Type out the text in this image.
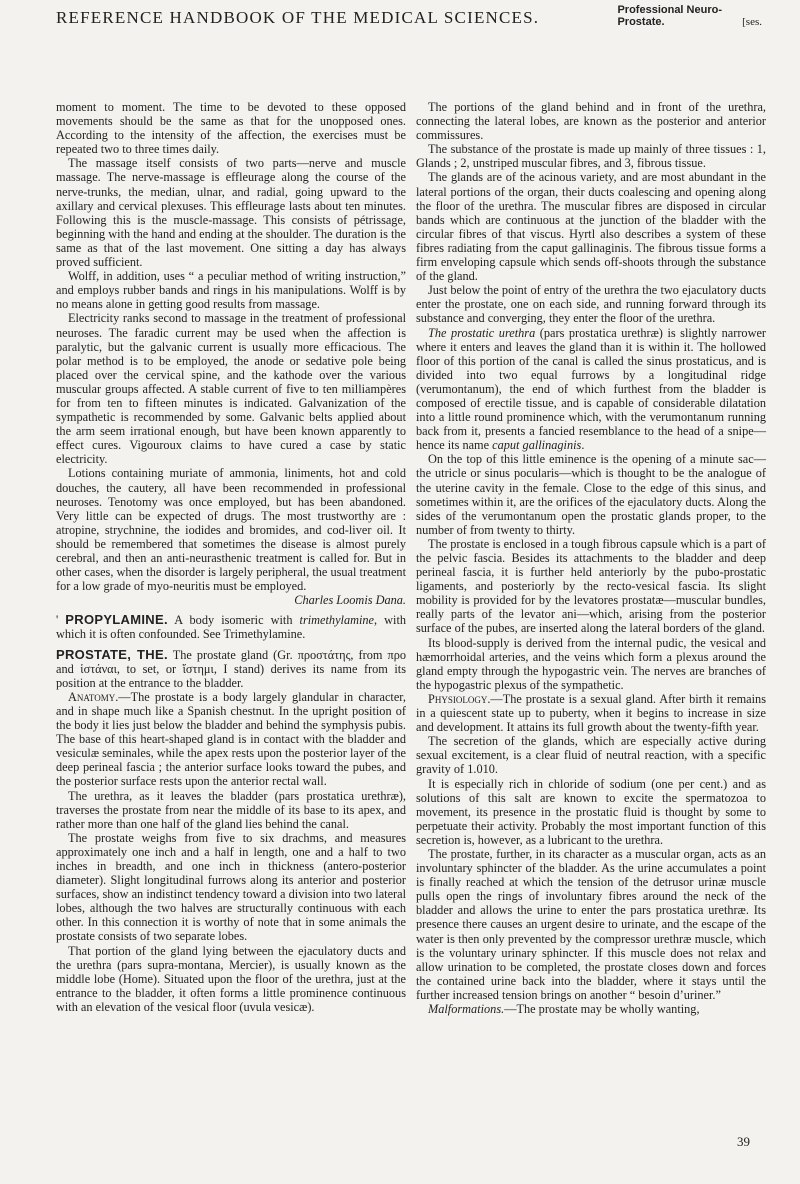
REFERENCE HANDBOOK OF THE MEDICAL SCIENCES.	Professional Neuro-
Prostate.	[ses.

moment to moment. The time to be devoted to these opposed movements should be the same as that for the unopposed ones. According to the intensity of the affection, the exercises must be repeated two to three times daily.

The massage itself consists of two parts—nerve and muscle massage. The nerve-massage is effleurage along the course of the nerve-trunks, the median, ulnar, and radial, going upward to the axillary and cervical plexuses. This effleurage lasts about ten minutes. Following this is the muscle-massage. This consists of pétrissage, beginning with the hand and ending at the shoulder. The duration is the same as that of the last movement. One sitting a day has always proved sufficient.

Wolff, in addition, uses “ a peculiar method of writing instruction,” and employs rubber bands and rings in his manipulations. Wolff is by no means alone in getting good results from massage.

Electricity ranks second to massage in the treatment of professional neuroses. The faradic current may be used when the affection is paralytic, but the galvanic current is usually more efficacious. The polar method is to be employed, the anode or sedative pole being placed over the cervical spine, and the kathode over the various muscular groups affected. A stable current of five to ten milliampères for from ten to fifteen minutes is indicated. Galvanization of the sympathetic is recommended by some. Galvanic belts applied about the arm seem irrational enough, but have been known apparently to effect cures. Vigouroux claims to have cured a case by static electricity.

Lotions containing muriate of ammonia, liniments, hot and cold douches, the cautery, all have been recommended in professional neuroses. Tenotomy was once employed, but has been abandoned. Very little can be expected of drugs. The most trustworthy are : atropine, strychnine, the iodides and bromides, and cod-liver oil. It should be remembered that sometimes the disease is almost purely cerebral, and then an anti-neurasthenic treatment is called for. But in other cases, when the disorder is largely peripheral, the usual treatment for a low grade of myo-neuritis must be employed.

Charles Loomis Dana.

' PROPYLAMINE. A body isomeric with trimethylamine, with which it is often confounded. See Trimethylamine.

PROSTATE, THE. The prostate gland (Gr. προστάτης, from προ and ἱστάναι, to set, or ἵστημι, I stand) derives its name from its position at the entrance to the bladder.

Anatomy.—The prostate is a body largely glandular in character, and in shape much like a Spanish chestnut. In the upright position of the body it lies just below the bladder and behind the symphysis pubis. The base of this heart-shaped gland is in contact with the bladder and vesiculæ seminales, while the apex rests upon the posterior layer of the deep perineal fascia ; the anterior surface looks toward the pubes, and the posterior surface rests upon the anterior rectal wall.

The urethra, as it leaves the bladder (pars prostatica urethræ), traverses the prostate from near the middle of its base to its apex, and rather more than one half of the gland lies behind the canal.

The prostate weighs from five to six drachms, and measures approximately one inch and a half in length, one and a half to two inches in breadth, and one inch in thickness (antero-posterior diameter). Slight longitudinal furrows along its anterior and posterior surfaces, show an indistinct tendency toward a division into two lateral lobes, although the two halves are structurally continuous with each other. In this connection it is worthy of note that in some animals the prostate consists of two separate lobes.

That portion of the gland lying between the ejaculatory ducts and the urethra (pars supra-montana, Mercier), is usually known as the middle lobe (Home). Situated upon the floor of the urethra, just at the entrance to the bladder, it often forms a little prominence continuous with an elevation of the vesical floor (uvula vesicæ).

The portions of the gland behind and in front of the urethra, connecting the lateral lobes, are known as the posterior and anterior commissures.

The substance of the prostate is made up mainly of three tissues : 1, Glands ; 2, unstriped muscular fibres, and 3, fibrous tissue.

The glands are of the acinous variety, and are most abundant in the lateral portions of the organ, their ducts coalescing and opening along the floor of the urethra. The muscular fibres are disposed in circular bands which are continuous at the junction of the bladder with the circular fibres of that viscus. Hyrtl also describes a system of these fibres radiating from the caput gallinaginis. The fibrous tissue forms a firm enveloping capsule which sends off-shoots through the substance of the gland.

Just below the point of entry of the urethra the two ejaculatory ducts enter the prostate, one on each side, and running forward through its substance and converging, they enter the floor of the urethra.

The prostatic urethra (pars prostatica urethræ) is slightly narrower where it enters and leaves the gland than it is within it. The hollowed floor of this portion of the canal is called the sinus prostaticus, and is divided into two equal furrows by a longitudinal ridge (verumontanum), the end of which furthest from the bladder is composed of erectile tissue, and is capable of considerable dilatation into a little round prominence which, with the verumontanum running back from it, presents a fancied resemblance to the head of a snipe—hence its name caput gallinaginis.

On the top of this little eminence is the opening of a minute sac—the utricle or sinus pocularis—which is thought to be the analogue of the uterine cavity in the female. Close to the edge of this sinus, and sometimes within it, are the orifices of the ejaculatory ducts. Along the sides of the verumontanum open the prostatic glands proper, to the number of from twenty to thirty.

The prostate is enclosed in a tough fibrous capsule which is a part of the pelvic fascia. Besides its attachments to the bladder and deep perineal fascia, it is further held anteriorly by the pubo-prostatic ligaments, and posteriorly by the recto-vesical fascia. Its slight mobility is provided for by the levatores prostatæ—muscular bundles, really parts of the levator ani—which, arising from the posterior surface of the pubes, are inserted along the lateral borders of the gland.

Its blood-supply is derived from the internal pudic, the vesical and hæmorrhoidal arteries, and the veins which form a plexus around the gland empty through the hypogastric vein. The nerves are branches of the hypogastric plexus of the sympathetic.

Physiology.—The prostate is a sexual gland. After birth it remains in a quiescent state up to puberty, when it begins to increase in size and development. It attains its full growth about the twenty-fifth year.

The secretion of the glands, which are especially active during sexual excitement, is a clear fluid of neutral reaction, with a specific gravity of 1.010.

It is especially rich in chloride of sodium (one per cent.) and as solutions of this salt are known to excite the spermatozoa to movement, its presence in the prostatic fluid is thought by some to perpetuate their activity. Probably the most important function of this secretion is, however, as a lubricant to the urethra.

The prostate, further, in its character as a muscular organ, acts as an involuntary sphincter of the bladder. As the urine accumulates a point is finally reached at which the tension of the detrusor urinæ muscle pulls open the rings of involuntary fibres around the neck of the bladder and allows the urine to enter the pars prostatica urethræ. Its presence there causes an urgent desire to urinate, and the escape of the water is then only prevented by the compressor urethræ muscle, which is the voluntary urinary sphincter. If this muscle does not relax and allow urination to be completed, the prostate closes down and forces the contained urine back into the bladder, where it stays until the further increased tension brings on another “ besoin d’uriner.”

Malformations.—The prostate may be wholly wanting,

39
